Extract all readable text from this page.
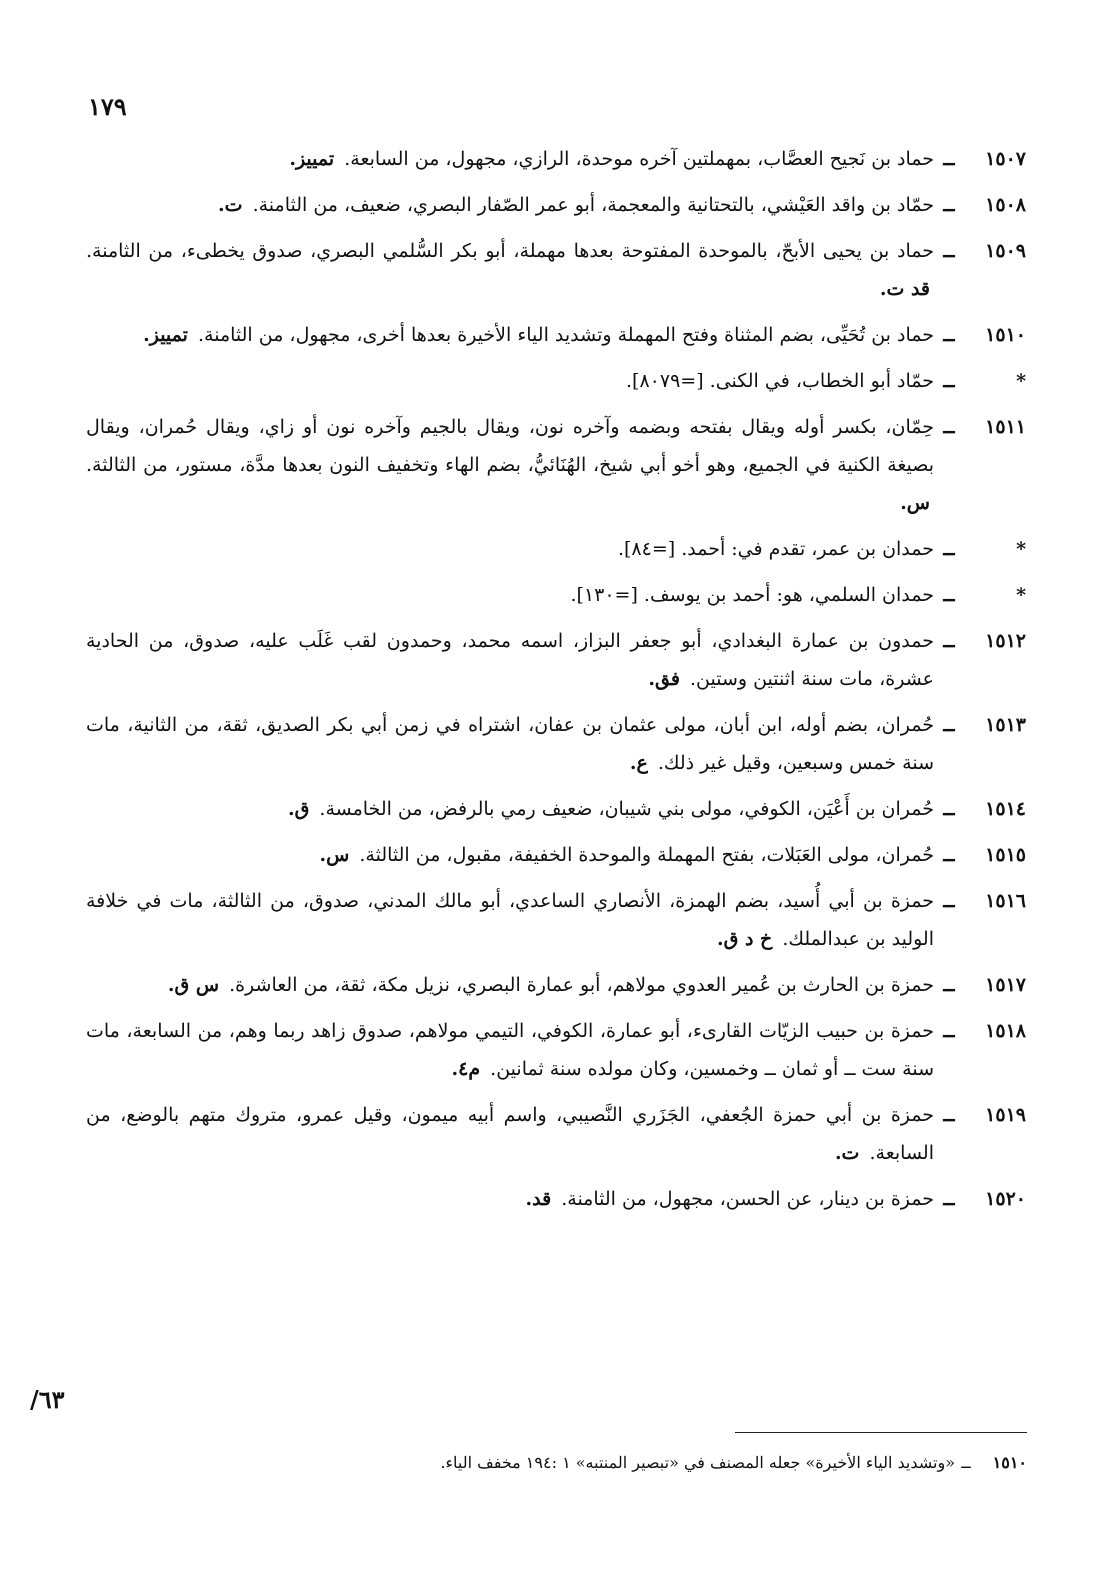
١٧٩
/٦٣
١٥٠٧
ــ
حماد بن نَجيح العصَّاب، بمهملتين آخره موحدة، الرازي، مجهول، من السابعة. تمييز.
١٥٠٨
ــ
حمّاد بن واقد العَيْشي، بالتحتانية والمعجمة، أبو عمر الصّفار البصري، ضعيف، من الثامنة. ت.
١٥٠٩
ــ
حماد بن يحيى الأبحّ، بالموحدة المفتوحة بعدها مهملة، أبو بكر السُّلمي البصري، صدوق يخطىء، من الثامنة. قد ت.
١٥١٠
ــ
حماد بن تُحَيِّى، بضم المثناة وفتح المهملة وتشديد الياء الأخيرة بعدها أخرى، مجهول، من الثامنة. تمييز.
*
ــ
حمّاد أبو الخطاب، في الكنى. [=٨٠٧٩].
١٥١١
ــ
حِمّان، بكسر أوله ويقال بفتحه وبضمه وآخره نون، ويقال بالجيم وآخره نون أو زاي، ويقال حُمران، ويقال بصيغة الكنية في الجميع، وهو أخو أبي شيخ، الهُنَائيُّ، بضم الهاء وتخفيف النون بعدها مدَّة، مستور، من الثالثة. س.
*
ــ
حمدان بن عمر، تقدم في: أحمد. [=٨٤].
*
ــ
حمدان السلمي، هو: أحمد بن يوسف. [=١٣٠].
١٥١٢
ــ
حمدون بن عمارة البغدادي، أبو جعفر البزاز، اسمه محمد، وحمدون لقب غَلَب عليه، صدوق، من الحادية عشرة، مات سنة اثنتين وستين. فق.
١٥١٣
ــ
حُمران، بضم أوله، ابن أبان، مولى عثمان بن عفان، اشتراه في زمن أبي بكر الصديق، ثقة، من الثانية، مات سنة خمس وسبعين، وقيل غير ذلك. ع.
١٥١٤
ــ
حُمران بن أَعْيَن، الكوفي، مولى بني شيبان، ضعيف رمي بالرفض، من الخامسة. ق.
١٥١٥
ــ
حُمران، مولى العَبَلات، بفتح المهملة والموحدة الخفيفة، مقبول، من الثالثة. س.
١٥١٦
ــ
حمزة بن أبي أُسيد، بضم الهمزة، الأنصاري الساعدي، أبو مالك المدني، صدوق، من الثالثة، مات في خلافة الوليد بن عبدالملك. خ د ق.
١٥١٧
ــ
حمزة بن الحارث بن عُمير العدوي مولاهم، أبو عمارة البصري، نزيل مكة، ثقة، من العاشرة. س ق.
١٥١٨
ــ
حمزة بن حبيب الزيّات القارىء، أبو عمارة، الكوفي، التيمي مولاهم، صدوق زاهد ربما وهم، من السابعة، مات سنة ست ــ أو ثمان ــ وخمسين، وكان مولده سنة ثمانين. م٤.
١٥١٩
ــ
حمزة بن أبي حمزة الجُعفي، الجَزَري النَّصيبي، واسم أبيه ميمون، وقيل عمرو، متروك متهم بالوضع، من السابعة. ت.
١٥٢٠
ــ
حمزة بن دينار، عن الحسن، مجهول، من الثامنة. قد.
١٥١٠
ــ
«وتشديد الياء الأخيرة» جعله المصنف في «تبصير المنتبه» ١ :١٩٤ مخفف الياء.
